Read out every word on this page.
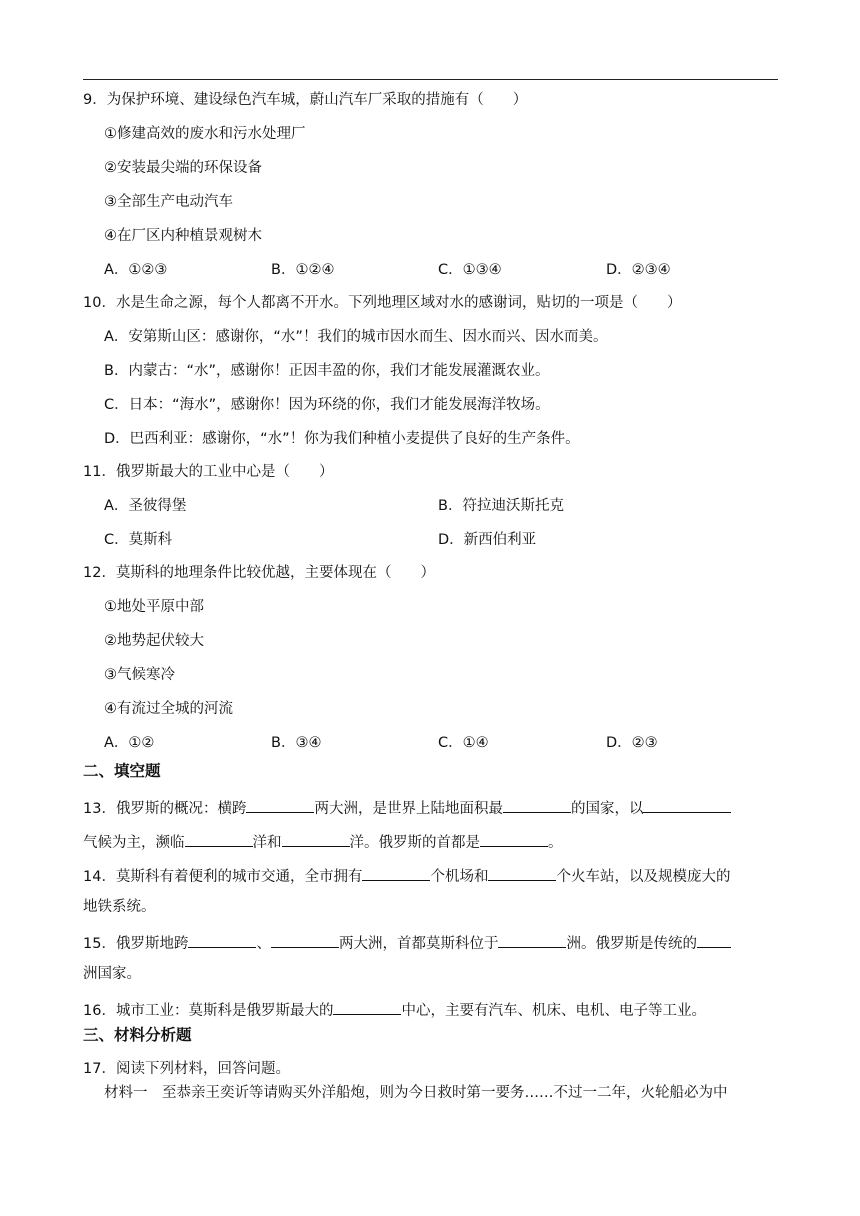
9．为保护环境、建设绿色汽车城，蔚山汽车厂采取的措施有（　　）
①修建高效的废水和污水处理厂
②安装最尖端的环保设备
③全部生产电动汽车
④在厂区内种植景观树木
A．①②③	B．①②④	C．①③④	D．②③④
10．水是生命之源，每个人都离不开水。下列地理区域对水的感谢词，贴切的一项是（　　）
A．安第斯山区：感谢你，“水”！我们的城市因水而生、因水而兴、因水而美。
B．内蒙古：“水”，感谢你！正因丰盈的你，我们才能发展灌溉农业。
C．日本：“海水”，感谢你！因为环绕的你，我们才能发展海洋牧场。
D．巴西利亚：感谢你，“水”！你为我们种植小麦提供了良好的生产条件。
11．俄罗斯最大的工业中心是（　　）
A．圣彼得堡	B．符拉迪沃斯托克
C．莫斯科	D．新西伯利亚
12．莫斯科的地理条件比较优越，主要体现在（　　）
①地处平原中部
②地势起伏较大
③气候寒冷
④有流过全城的河流
A．①②	B．③④	C．①④	D．②③
二、填空题
13．俄罗斯的概况：横跨	两大洲，是世界上陆地面积最	的国家，以
气候为主，濒临	洋和	洋。俄罗斯的首都是	。
14．莫斯科有着便利的城市交通，全市拥有	个机场和	个火车站，以及规模庞大的
地铁系统。
15．俄罗斯地跨	、	两大洲，首都莫斯科位于	洲。俄罗斯是传统的
洲国家。
16．城市工业：莫斯科是俄罗斯最大的	中心，主要有汽车、机床、电机、电子等工业。
三、材料分析题
17．阅读下列材料，回答问题。
材料一　至恭亲王奕䜣等请购买外洋船炮，则为今日救时第一要务……不过一二年，火轮船必为中
